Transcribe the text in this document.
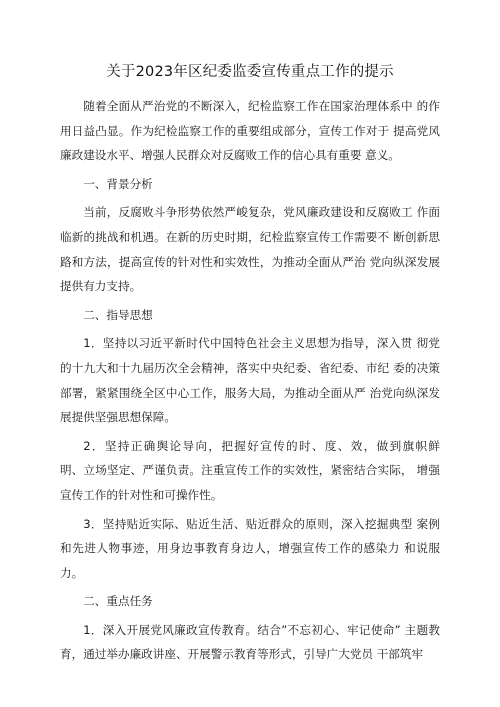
关于2023年区纪委监委宣传重点工作的提示

随着全面从严治党的不断深入，纪检监察工作在国家治理体系中 的作用日益凸显。作为纪检监察工作的重要组成部分，宣传工作对于 提高党风廉政建设水平、增强人民群众对反腐败工作的信心具有重要 意义。

一、背景分析

当前，反腐败斗争形势依然严峻复杂，党风廉政建设和反腐败工 作面临新的挑战和机遇。在新的历史时期，纪检监察宣传工作需要不 断创新思路和方法，提高宣传的针对性和实效性，为推动全面从严治 党向纵深发展提供有力支持。

二、指导思想

1．坚持以习近平新时代中国特色社会主义思想为指导，深入贯 彻党的十九大和十九届历次全会精神，落实中央纪委、省纪委、市纪 委的决策部署，紧紧围绕全区中心工作，服务大局，为推动全面从严 治党向纵深发展提供坚强思想保障。

2．坚持正确舆论导向，把握好宣传的时、度、效，做到旗帜鲜　 明、立场坚定、严谨负责。注重宣传工作的实效性，紧密结合实际， 增强宣传工作的针对性和可操作性。

3．坚持贴近实际、贴近生活、贴近群众的原则，深入挖掘典型 案例和先进人物事迹，用身边事教育身边人，增强宣传工作的感染力 和说服力。

二、重点任务

1．深入开展党风廉政宣传教育。结合”不忘初心、牢记使命” 主题教育，通过举办廉政讲座、开展警示教育等形式，引导广大党员 干部筑牢
